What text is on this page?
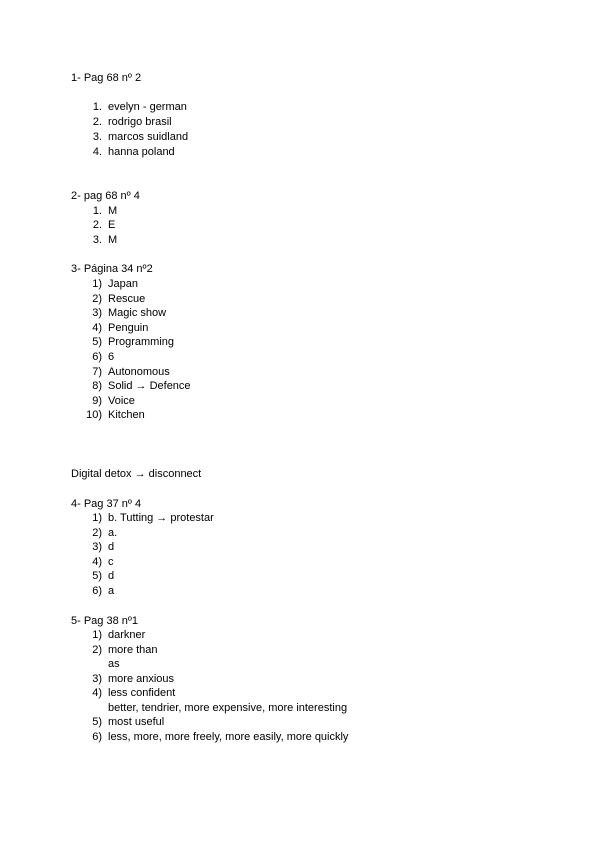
1- Pag 68 nº 2
1. evelyn - german
2. rodrigo brasil
3. marcos suidland
4. hanna poland
2- pag 68 nº 4
1. M
2. E
3. M
3- Página 34 nº2
1) Japan
2) Rescue
3) Magic show
4) Penguin
5) Programming
6) 6
7) Autonomous
8) Solid → Defence
9) Voice
10) Kitchen
Digital detox → disconnect
4- Pag 37 nº 4
1) b. Tutting → protestar
2) a.
3) d
4) c
5) d
6) a
5- Pag 38 nº1
1) darkner
2) more than
as
3) more anxious
4) less confident
better, tendrier, more expensive, more interesting
5) most useful
6) less, more, more freely, more easily, more quickly
